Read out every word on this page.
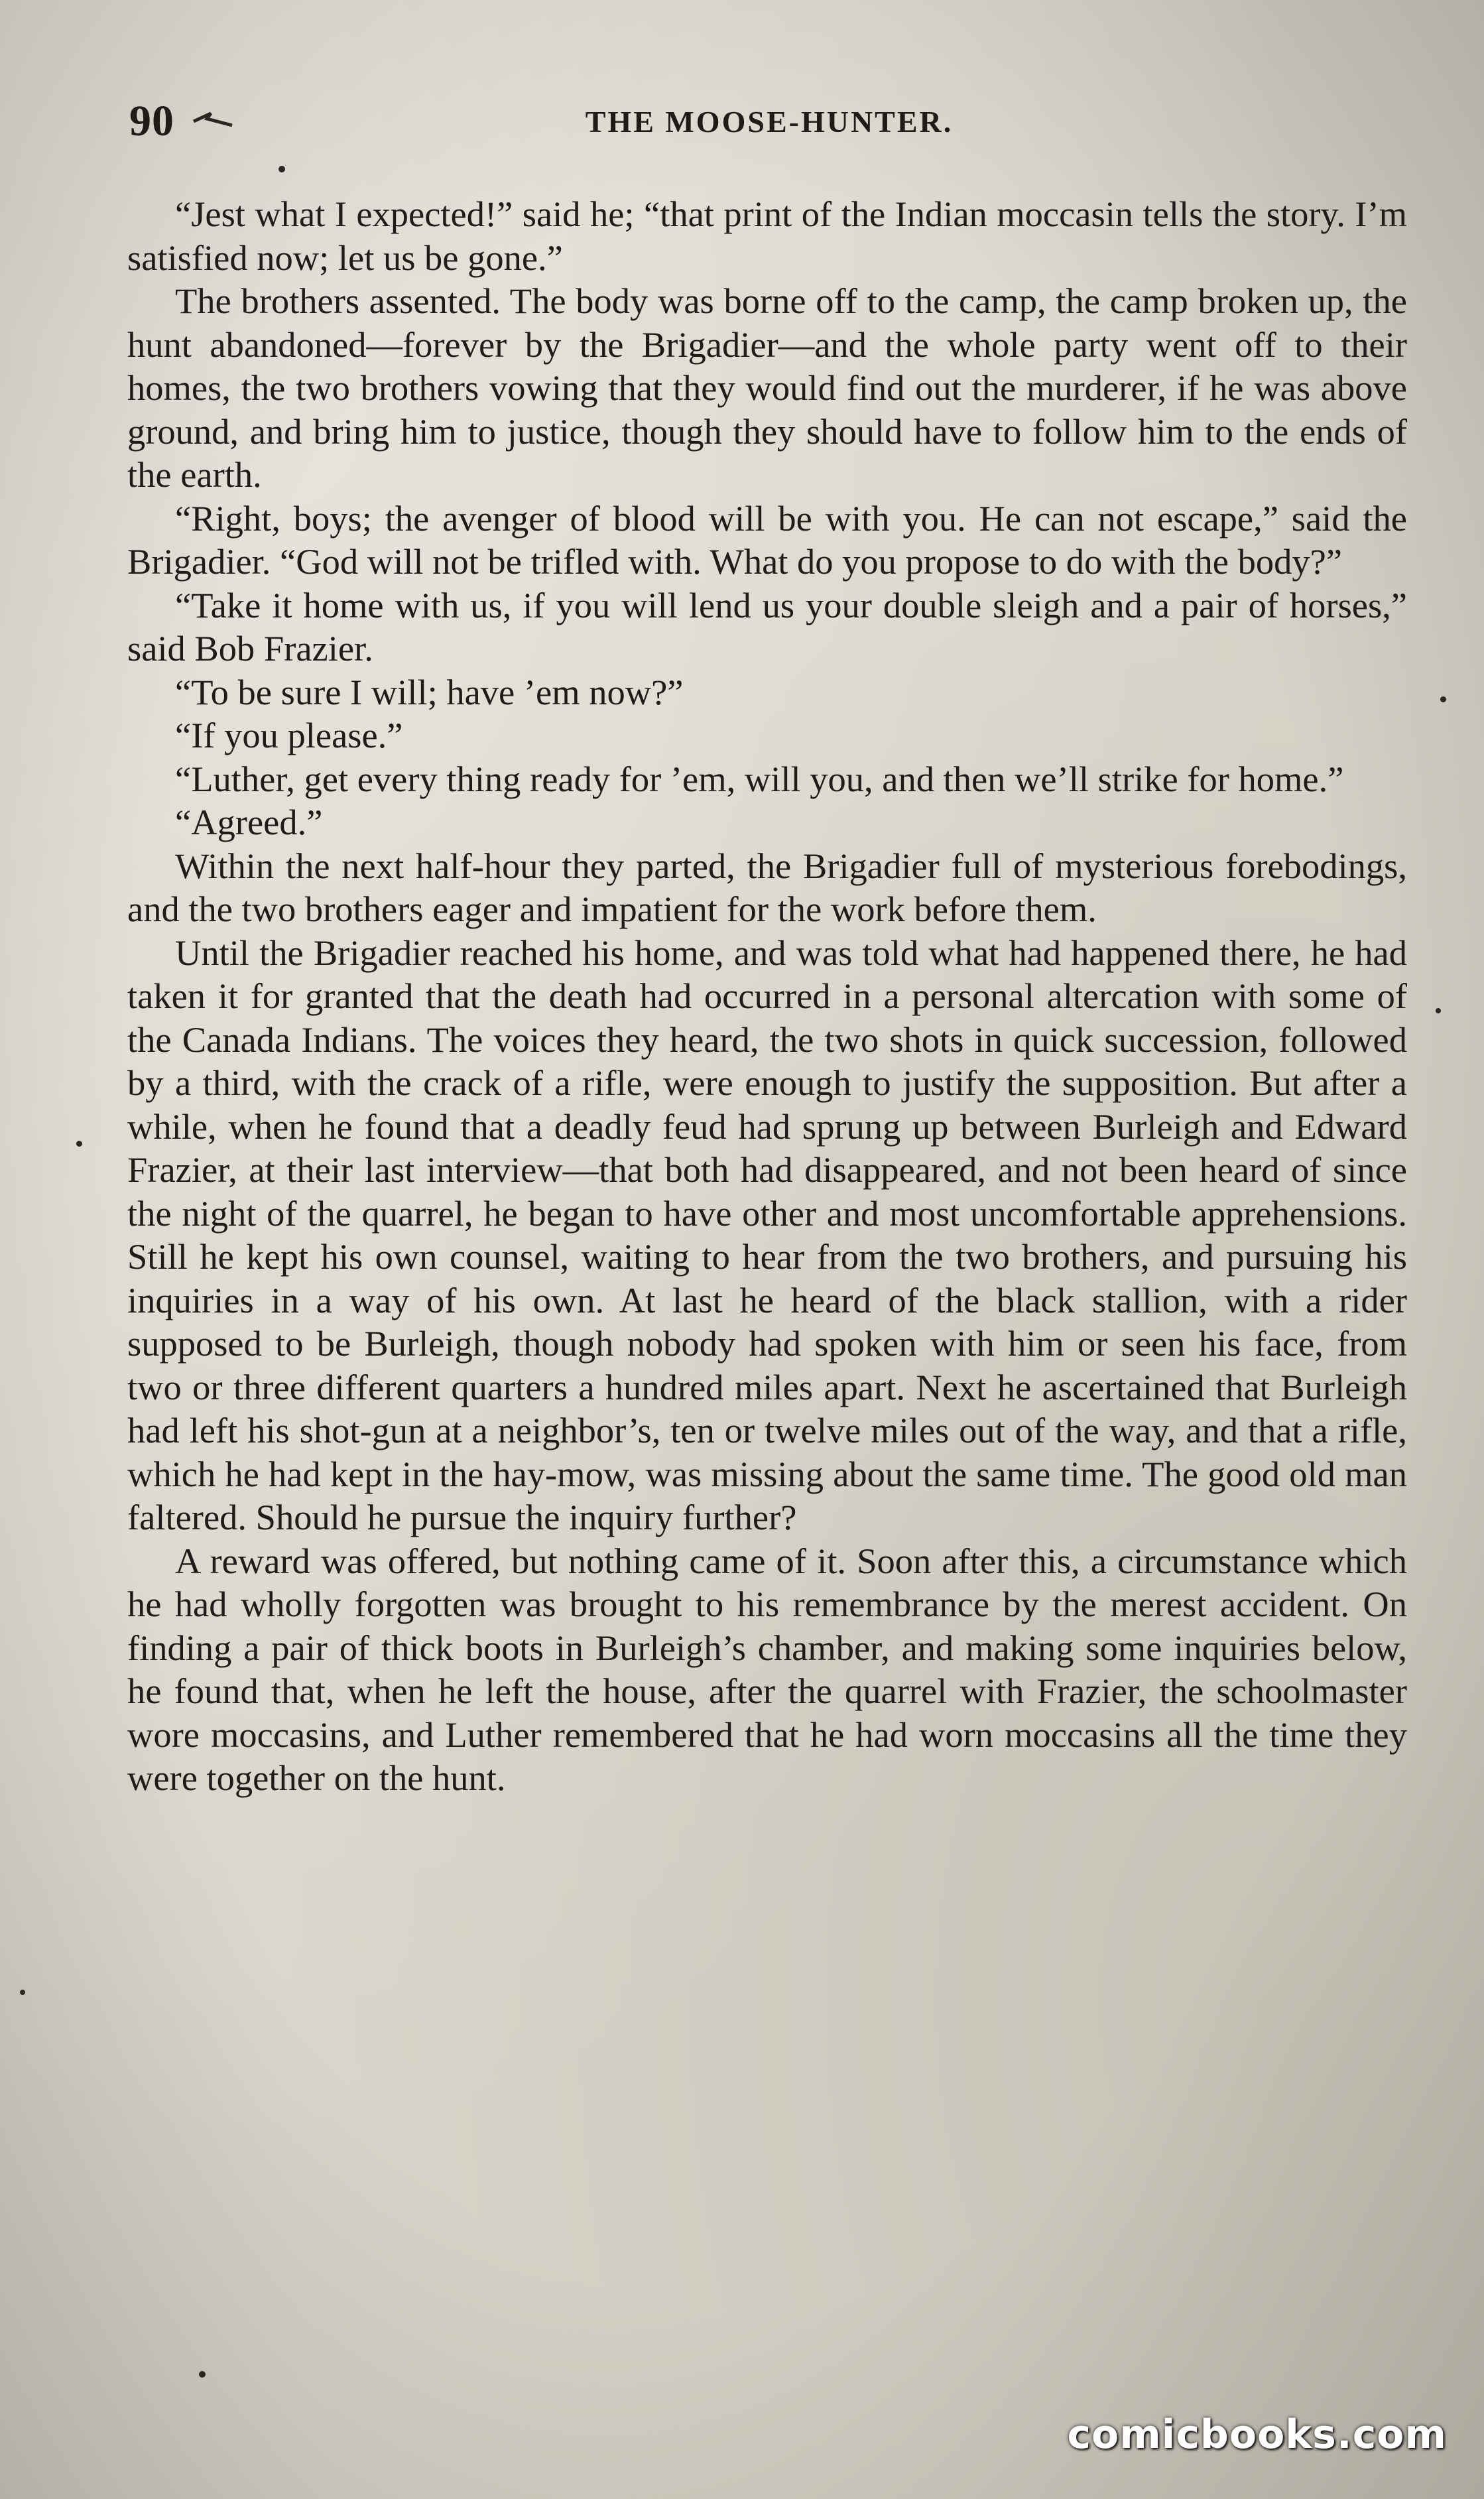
90	THE MOOSE-HUNTER.

“Jest what I expected!” said he; “that print of the Indian moccasin tells the story. I’m satisfied now; let us be gone.”

The brothers assented. The body was borne off to the camp, the camp broken up, the hunt abandoned—forever by the Brigadier—and the whole party went off to their homes, the two brothers vowing that they would find out the murderer, if he was above ground, and bring him to justice, though they should have to follow him to the ends of the earth.

“Right, boys; the avenger of blood will be with you. He can not escape,” said the Brigadier. “God will not be trifled with. What do you propose to do with the body?”

“Take it home with us, if you will lend us your double sleigh and a pair of horses,” said Bob Frazier.

“To be sure I will; have ’em now?”

“If you please.”

“Luther, get every thing ready for ’em, will you, and then we’ll strike for home.”

“Agreed.”

Within the next half-hour they parted, the Brigadier full of mysterious forebodings, and the two brothers eager and impatient for the work before them.

Until the Brigadier reached his home, and was told what had happened there, he had taken it for granted that the death had occurred in a personal altercation with some of the Canada Indians. The voices they heard, the two shots in quick succession, followed by a third, with the crack of a rifle, were enough to justify the supposition. But after a while, when he found that a deadly feud had sprung up between Burleigh and Edward Frazier, at their last interview—that both had disappeared, and not been heard of since the night of the quarrel, he began to have other and most uncomfortable apprehensions. Still he kept his own counsel, waiting to hear from the two brothers, and pursuing his inquiries in a way of his own. At last he heard of the black stallion, with a rider supposed to be Burleigh, though nobody had spoken with him or seen his face, from two or three different quarters a hundred miles apart. Next he ascertained that Burleigh had left his shot-gun at a neighbor’s, ten or twelve miles out of the way, and that a rifle, which he had kept in the hay-mow, was missing about the same time. The good old man faltered. Should he pursue the inquiry further?

A reward was offered, but nothing came of it. Soon after this, a circumstance which he had wholly forgotten was brought to his remembrance by the merest accident. On finding a pair of thick boots in Burleigh’s chamber, and making some inquiries below, he found that, when he left the house, after the quarrel with Frazier, the schoolmaster wore moccasins, and Luther remembered that he had worn moccasins all the time they were together on the hunt.

comicbooks.com
